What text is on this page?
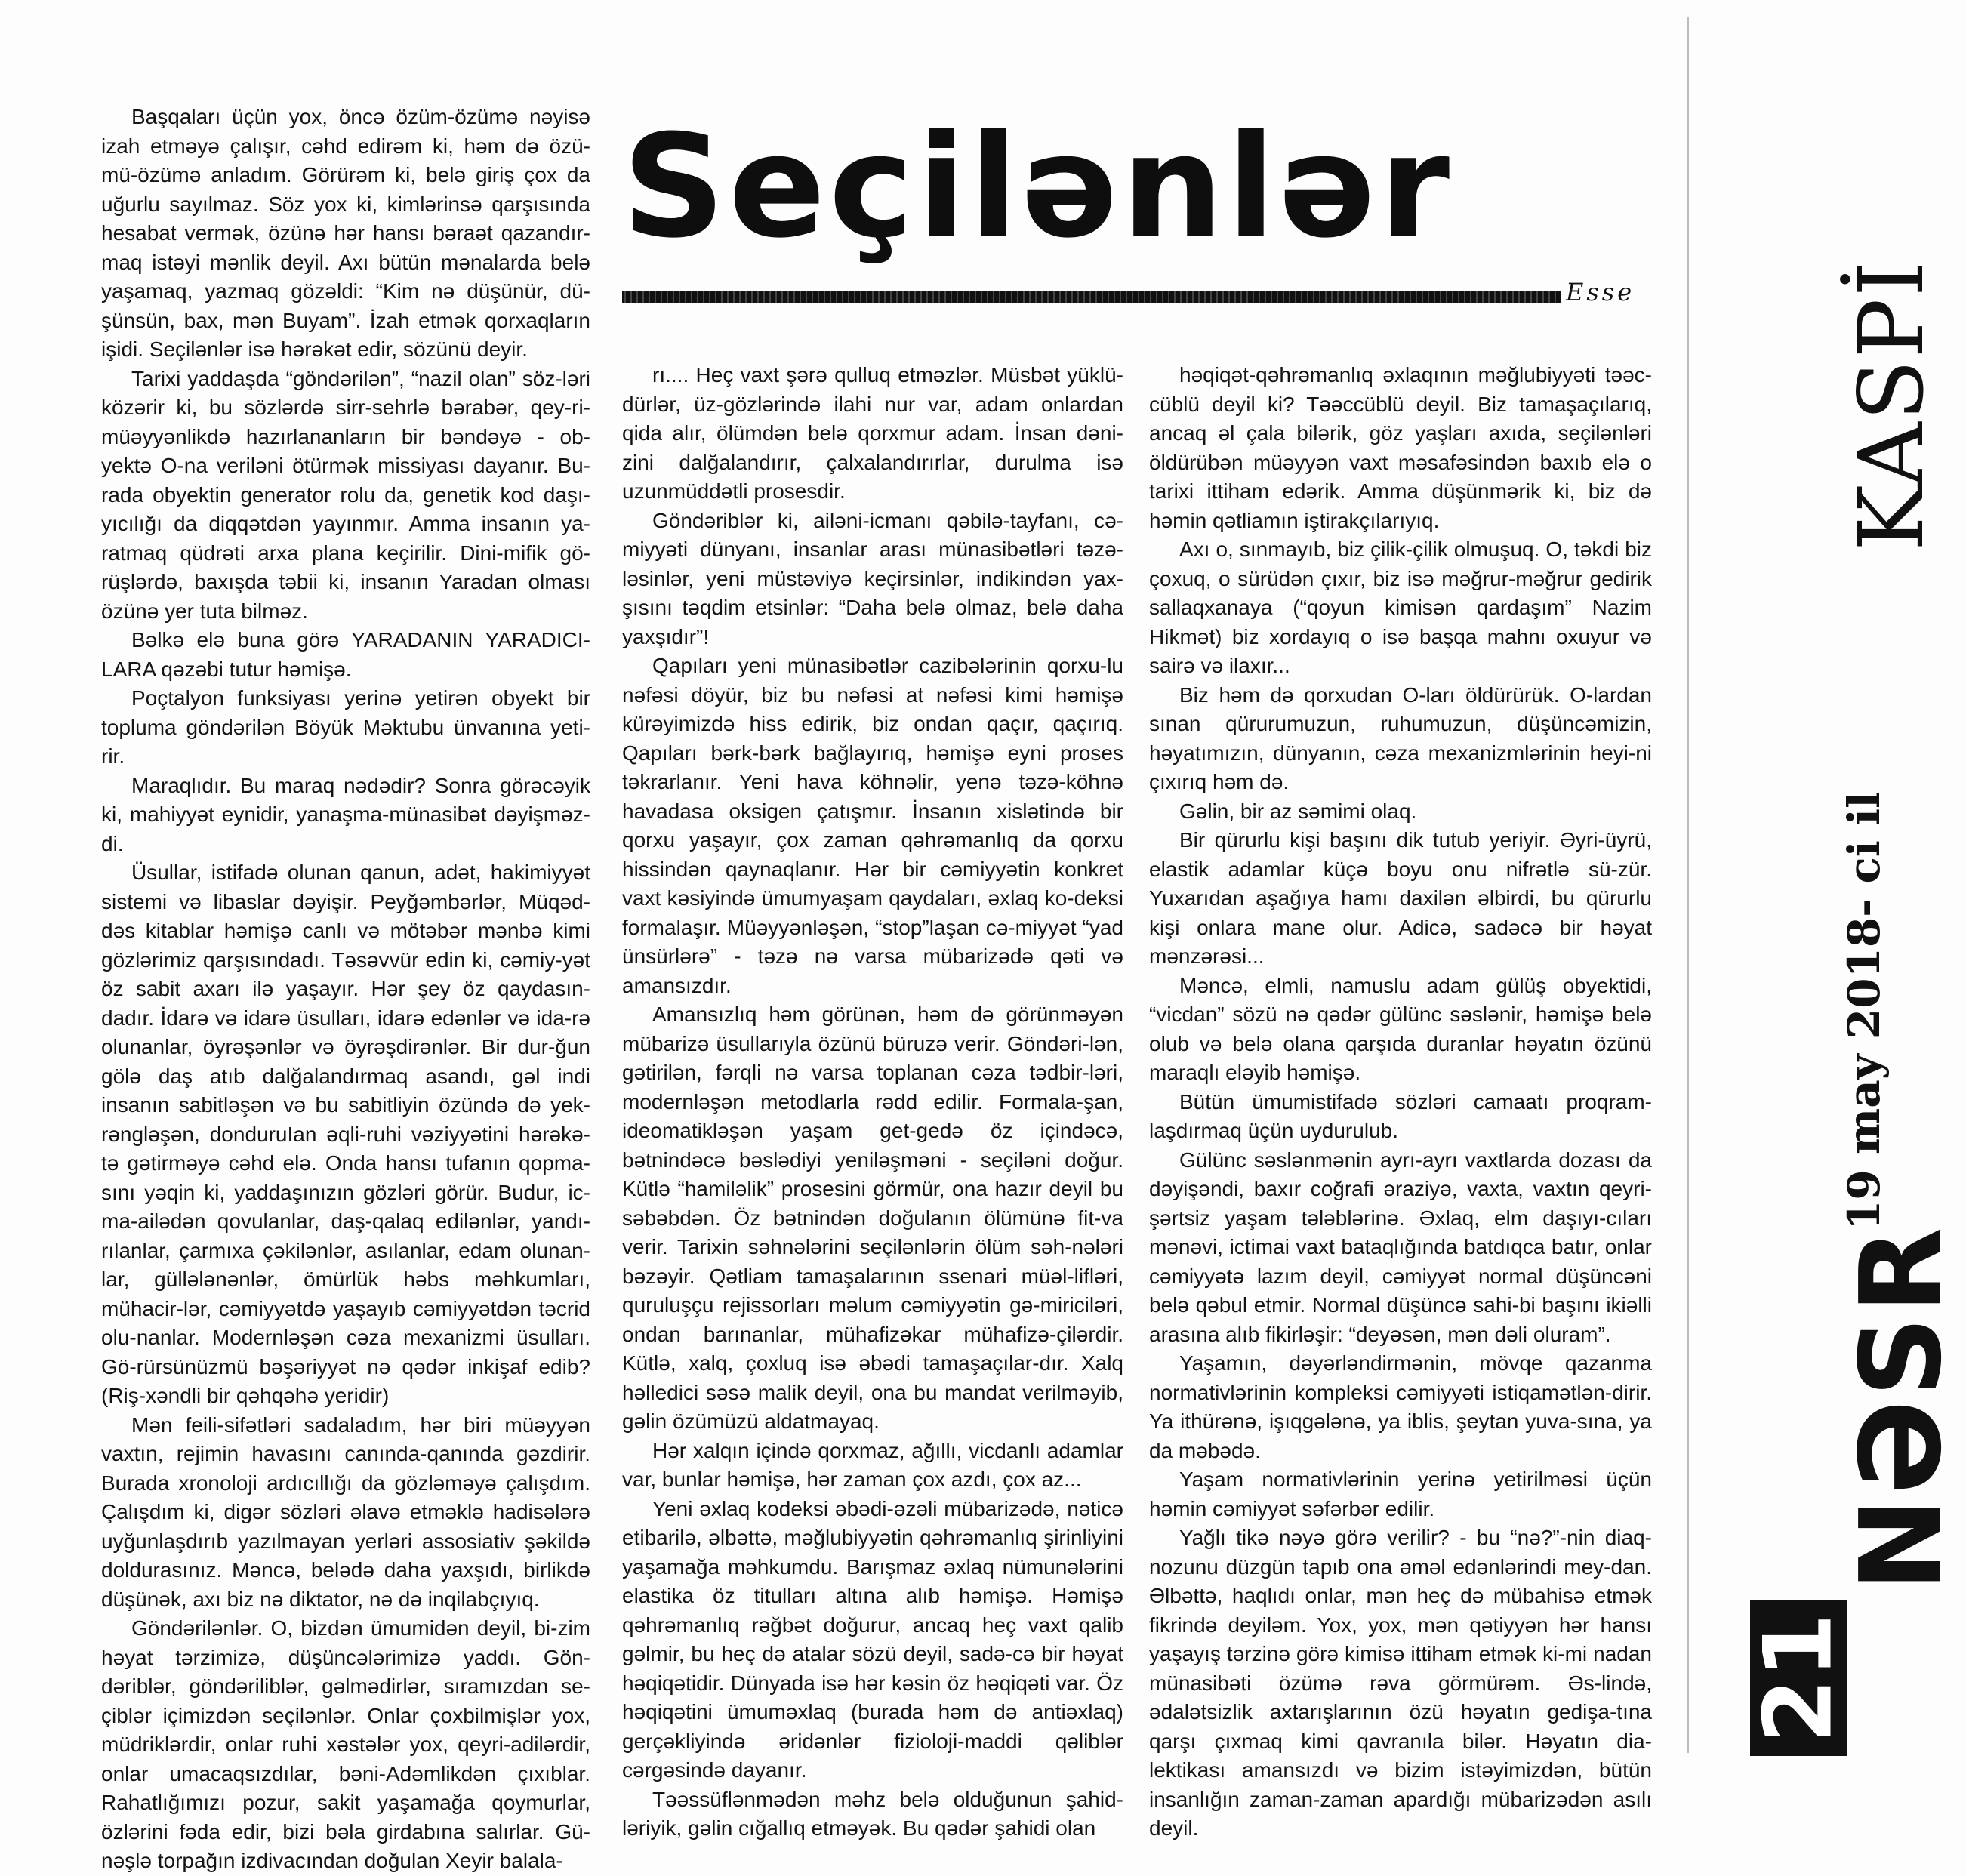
Başqaları üçün yox, öncə özüm-özümə nəyisə izah etməyə çalışır, cəhd edirəm ki, həm də özü-mü-özümə anladım. Görürəm ki, belə giriş çox da uğurlu sayılmaz. Söz yox ki, kimlərinsə qarşısında hesabat vermək, özünə hər hansı bəraət qazandır-maq istəyi mənlik deyil. Axı bütün mənalarda belə yaşamaq, yazmaq gözəldi: “Kim nə düşünür, dü-şünsün, bax, mən Buyam”. İzah etmək qorxaqların işidi. Seçilənlər isə hərəkət edir, sözünü deyir.

Tarixi yaddaşda “göndərilən”, “nazil olan” söz-ləri közərir ki, bu sözlərdə sirr-sehrlə bərabər, qey-ri-müəyyənlikdə hazırlananların bir bəndəyə - ob-yektə O-na veriləni ötürmək missiyası dayanır. Bu-rada obyektin generator rolu da, genetik kod daşı-yıcılığı da diqqətdən yayınmır. Amma insanın ya-ratmaq qüdrəti arxa plana keçirilir. Dini-mifik gö-rüşlərdə, baxışda təbii ki, insanın Yaradan olması özünə yer tuta bilməz.

Bəlkə elə buna görə YARADANIN YARADICI-LARA qəzəbi tutur həmişə.

Poçtalyon funksiyası yerinə yetirən obyekt bir topluma göndərilən Böyük Məktubu ünvanına yeti-rir.

Maraqlıdır. Bu maraq nədədir? Sonra görəcəyik ki, mahiyyət eynidir, yanaşma-münasibət dəyişməz-di.

Üsullar, istifadə olunan qanun, adət, hakimiyyət sistemi və libaslar dəyişir. Peyğəmbərlər, Müqəd-dəs kitablar həmişə canlı və mötəbər mənbə kimi gözlərimiz qarşısındadı. Təsəvvür edin ki, cəmiy-yət öz sabit axarı ilə yaşayır. Hər şey öz qaydasın-dadır. İdarə və idarə üsulları, idarə edənlər və ida-rə olunanlar, öyrəşənlər və öyrəşdirənlər. Bir dur-ğun gölə daş atıb dalğalandırmaq asandı, gəl indi insanın sabitləşən və bu sabitliyin özündə də yek-rəngləşən, donduruIan əqli-ruhi vəziyyətini hərəkə-tə gətirməyə cəhd elə. Onda hansı tufanın qopma-sını yəqin ki, yaddaşınızın gözləri görür. Budur, ic-ma-ailədən qovulanlar, daş-qalaq edilənlər, yandı-rılanlar, çarmıxa çəkilənlər, asılanlar, edam olunan-lar, güllələnənlər, ömürlük həbs məhkumları, mühacir-lər, cəmiyyətdə yaşayıb cəmiyyətdən təcrid olu-nanlar. Modernləşən cəza mexanizmi üsulları. Gö-rürsünüzmü bəşəriyyət nə qədər inkişaf edib? (Riş-xəndli bir qəhqəhə yeridir)

Mən feili-sifətləri sadaladım, hər biri müəyyən vaxtın, rejimin havasını canında-qanında gəzdirir. Burada xronoloji ardıcıllığı da gözləməyə çalışdım. Çalışdım ki, digər sözləri əlavə etməklə hadisələrə uyğunlaşdırıb yazılmayan yerləri assosiativ şəkildə doldurasınız. Məncə, belədə daha yaxşıdı, birlikdə düşünək, axı biz nə diktator, nə də inqilabçıyıq.

Göndərilənlər. O, bizdən ümumidən deyil, bi-zim həyat tərzimizə, düşüncələrimizə yaddı. Gön-dəriblər, göndəriliblər, gəlmədirlər, sıramızdan se-çiblər içimizdən seçilənlər. Onlar çoxbilmişlər yox, müdriklərdir, onlar ruhi xəstələr yox, qeyri-adilərdir, onlar umacaqsızdılar, bəni-Adəmlikdən çıxıblar. Rahatlığımızı pozur, sakit yaşamağa qoymurlar, özlərini fəda edir, bizi bəla girdabına salırlar. Gü-nəşlə torpağın izdivacından doğulan Xeyir balala-

Seçilənlər
Esse

rı.... Heç vaxt şərə qulluq etməzlər. Müsbət yüklü-dürlər, üz-gözlərində ilahi nur var, adam onlardan qida alır, ölümdən belə qorxmur adam. İnsan dəni-zini dalğalandırır, çalxalandırırlar, durulma isə uzunmüddətli prosesdir.

Göndəriblər ki, ailəni-icmanı qəbilə-tayfanı, cə-miyyəti dünyanı, insanlar arası münasibətləri təzə-ləsinlər, yeni müstəviyə keçirsinlər, indikindən yax-şısını təqdim etsinlər: “Daha belə olmaz, belə daha yaxşıdır”!

Qapıları yeni münasibətlər cazibələrinin qorxu-lu nəfəsi döyür, biz bu nəfəsi at nəfəsi kimi həmişə kürəyimizdə hiss edirik, biz ondan qaçır, qaçırıq. Qapıları bərk-bərk bağlayırıq, həmişə eyni proses təkrarlanır. Yeni hava köhnəlir, yenə təzə-köhnə havadasa oksigen çatışmır. İnsanın xislətində bir qorxu yaşayır, çox zaman qəhrəmanlıq da qorxu hissindən qaynaqlanır. Hər bir cəmiyyətin konkret vaxt kəsiyində ümumyaşam qaydaları, əxlaq ko-deksi formalaşır. Müəyyənləşən, “stop”laşan cə-miyyət “yad ünsürlərə” - təzə nə varsa mübarizədə qəti və amansızdır.

Amansızlıq həm görünən, həm də görünməyən mübarizə üsullarıyla özünü büruzə verir. Göndəri-lən, gətirilən, fərqli nə varsa toplanan cəza tədbir-ləri, modernləşən metodlarla rədd edilir. Formala-şan, ideomatikləşən yaşam get-gedə öz içindəcə, bətnindəcə bəslədiyi yeniləşməni - seçiləni doğur. Kütlə “hamiləlik” prosesini görmür, ona hazır deyil bu səbəbdən. Öz bətnindən doğulanın ölümünə fit-va verir. Tarixin səhnələrini seçilənlərin ölüm səh-nələri bəzəyir. Qətliam tamaşalarının ssenari müəl-lifləri, quruluşçu rejissorları məlum cəmiyyətin gə-miriciləri, ondan barınanlar, mühafizəkar mühafizə-çilərdir. Kütlə, xalq, çoxluq isə əbədi tamaşaçılar-dır. Xalq həlledici səsə malik deyil, ona bu mandat verilməyib, gəlin özümüzü aldatmayaq.

Hər xalqın içində qorxmaz, ağıllı, vicdanlı adamlar var, bunlar həmişə, hər zaman çox azdı, çox az...

Yeni əxlaq kodeksi əbədi-əzəli mübarizədə, nəticə etibarilə, əlbəttə, məğlubiyyətin qəhrəmanlıq şirinliyini yaşamağa məhkumdu. Barışmaz əxlaq nümunələrini elastika öz titulları altına alıb həmişə. Həmişə qəhrəmanlıq rəğbət doğurur, ancaq heç vaxt qalib gəlmir, bu heç də atalar sözü deyil, sadə-cə bir həyat həqiqətidir. Dünyada isə hər kəsin öz həqiqəti var. Öz həqiqətini ümuməxlaq (burada həm də antiəxlaq) gerçəkliyində əridənlər fizioloji-maddi qəliblər cərgəsində dayanır.

Təəssüflənmədən məhz belə olduğunun şahid-ləriyik, gəlin cığallıq etməyək. Bu qədər şahidi olan

həqiqət-qəhrəmanlıq əxlaqının məğlubiyyəti təəc-cüblü deyil ki? Təəccüblü deyil. Biz tamaşaçılarıq, ancaq əl çala bilərik, göz yaşları axıda, seçilənləri öldürübən müəyyən vaxt məsafəsindən baxıb elə o tarixi ittiham edərik. Amma düşünmərik ki, biz də həmin qətliamın iştirakçılarıyıq.

Axı o, sınmayıb, biz çilik-çilik olmuşuq. O, təkdi biz çoxuq, o sürüdən çıxır, biz isə məğrur-məğrur gedirik sallaqxanaya (“qoyun kimisən qardaşım” Nazim Hikmət) biz xordayıq o isə başqa mahnı oxuyur və sairə və ilaxır...

Biz həm də qorxudan O-ları öldürürük. O-lardan sınan qürurumuzun, ruhumuzun, düşüncəmizin, həyatımızın, dünyanın, cəza mexanizmlərinin heyi-ni çıxırıq həm də.

Gəlin, bir az səmimi olaq.

Bir qürurlu kişi başını dik tutub yeriyir. Əyri-üyrü, elastik adamlar küçə boyu onu nifrətlə sü-zür. Yuxarıdan aşağıya hamı daxilən əlbirdi, bu qürurlu kişi onlara mane olur. Adicə, sadəcə bir həyat mənzərəsi...

Məncə, elmli, namuslu adam gülüş obyektidi, “vicdan” sözü nə qədər gülünc səslənir, həmişə belə olub və belə olana qarşıda duranlar həyatın özünü maraqlı eləyib həmişə.

Bütün ümumistifadə sözləri camaatı proqram-laşdırmaq üçün uydurulub.

Gülünc səslənmənin ayrı-ayrı vaxtlarda dozası da dəyişəndi, baxır coğrafi əraziyə, vaxta, vaxtın qeyri-şərtsiz yaşam tələblərinə. Əxlaq, elm daşıyı-cıları mənəvi, ictimai vaxt bataqlığında batdıqca batır, onlar cəmiyyətə lazım deyil, cəmiyyət normal düşüncəni belə qəbul etmir. Normal düşüncə sahi-bi başını ikiəlli arasına alıb fikirləşir: “deyəsən, mən dəli oluram”.

Yaşamın, dəyərləndirmənin, mövqe qazanma normativlərinin kompleksi cəmiyyəti istiqamətlən-dirir. Ya ithürənə, işıqgələnə, ya iblis, şeytan yuva-sına, ya da məbədə.

Yaşam normativlərinin yerinə yetirilməsi üçün həmin cəmiyyət səfərbər edilir.

Yağlı tikə nəyə görə verilir? - bu “nə?”-nin diaq-nozunu düzgün tapıb ona əməl edənlərindi mey-dan. Əlbəttə, haqlıdı onlar, mən heç də mübahisə etmək fikrində deyiləm. Yox, yox, mən qətiyyən hər hansı yaşayış tərzinə görə kimisə ittiham etmək ki-mi nadan münasibəti özümə rəva görmürəm. Əs-lində, ədalətsizlik axtarışlarının özü həyatın gedişa-tına qarşı çıxmaq kimi qavranıla bilər. Həyatın dia-lektikası amansızdı və bizim istəyimizdən, bütün insanlığın zaman-zaman apardığı mübarizədən asılı deyil.

KASPİ
19 may 2018- ci il
NƏSR
21
